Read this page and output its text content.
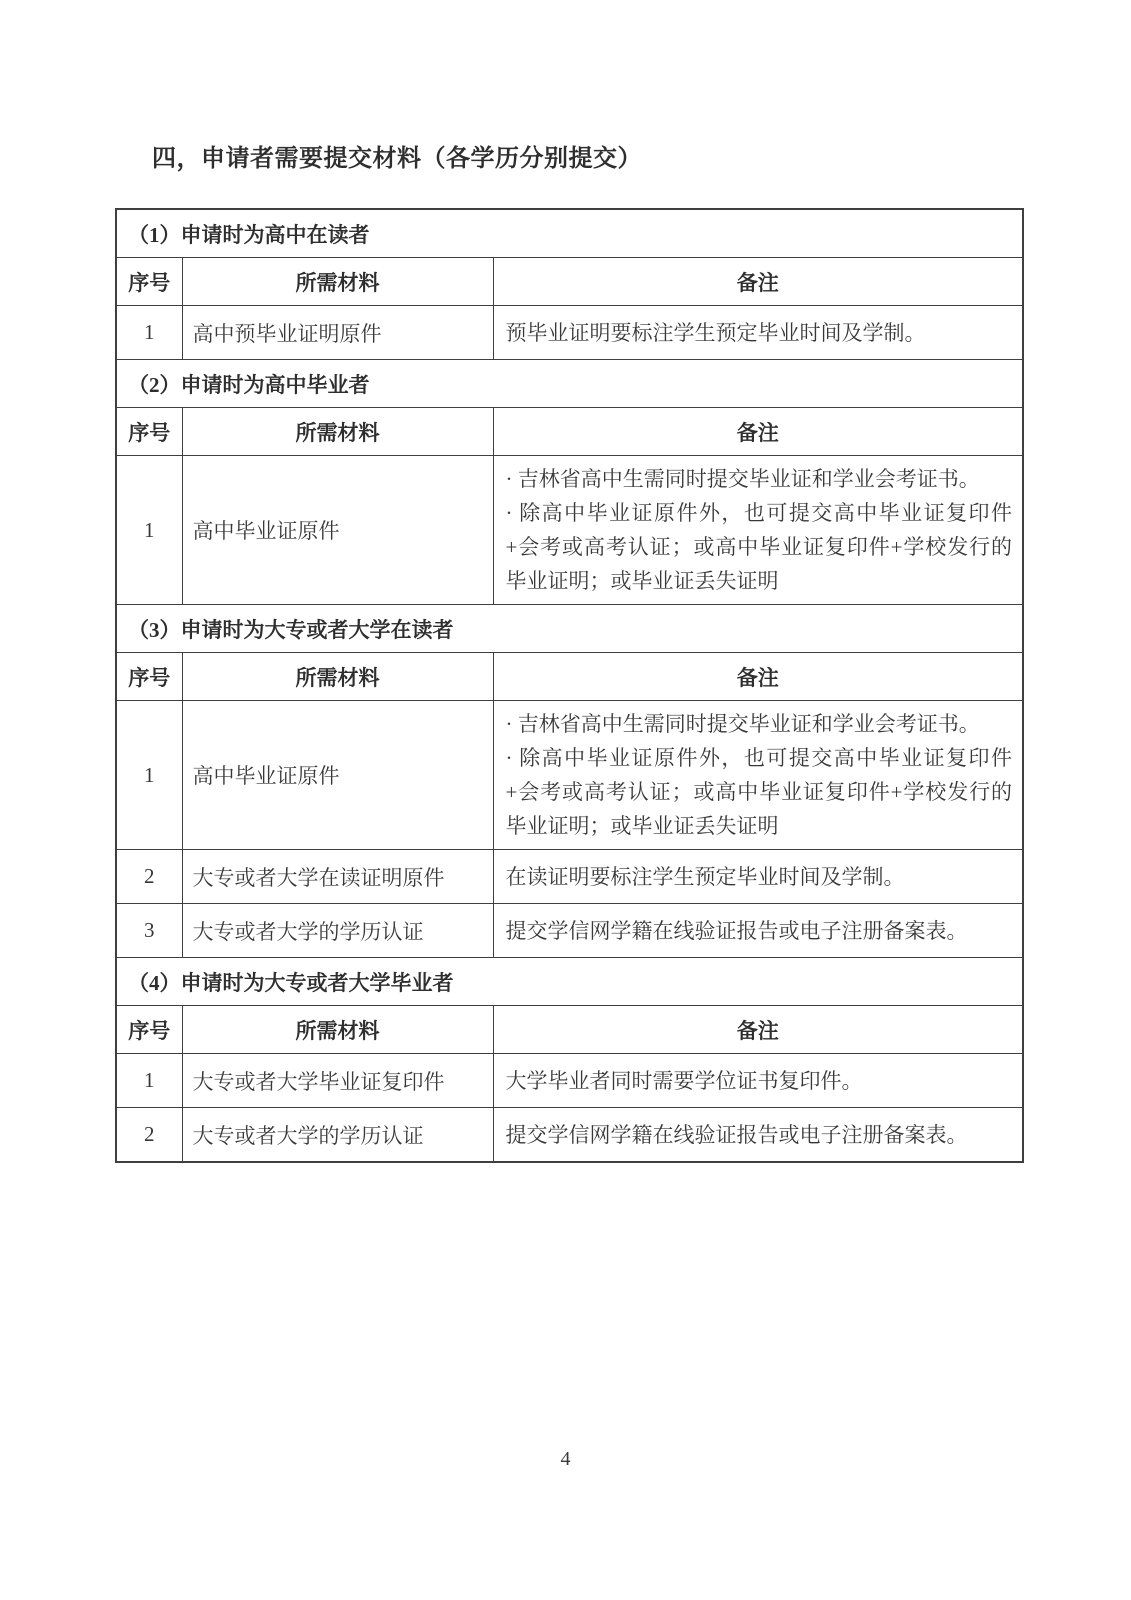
四，申请者需要提交材料（各学历分别提交）
（1）申请时为高中在读者		
序号	所需材料	备注
1	高中预毕业证明原件	预毕业证明要标注学生预定毕业时间及学制。

（2）申请时为高中毕业者		
序号	所需材料	备注
1	高中毕业证原件	· 吉林省高中生需同时提交毕业证和学业会考证书。

· 除高中毕业证原件外，也可提交高中毕业证复印件+会考或高考认证；或高中毕业证复印件+学校发行的毕业证明；或毕业证丢失证明

（3）申请时为大专或者大学在读者		
序号	所需材料	备注
1	高中毕业证原件	· 吉林省高中生需同时提交毕业证和学业会考证书。

· 除高中毕业证原件外，也可提交高中毕业证复印件+会考或高考认证；或高中毕业证复印件+学校发行的毕业证明；或毕业证丢失证明

2	大专或者大学在读证明原件	在读证明要标注学生预定毕业时间及学制。

3	大专或者大学的学历认证	提交学信网学籍在线验证报告或电子注册备案表。

（4）申请时为大专或者大学毕业者		
序号	所需材料	备注
1	大专或者大学毕业证复印件	大学毕业者同时需要学位证书复印件。

2	大专或者大学的学历认证	提交学信网学籍在线验证报告或电子注册备案表。

4
